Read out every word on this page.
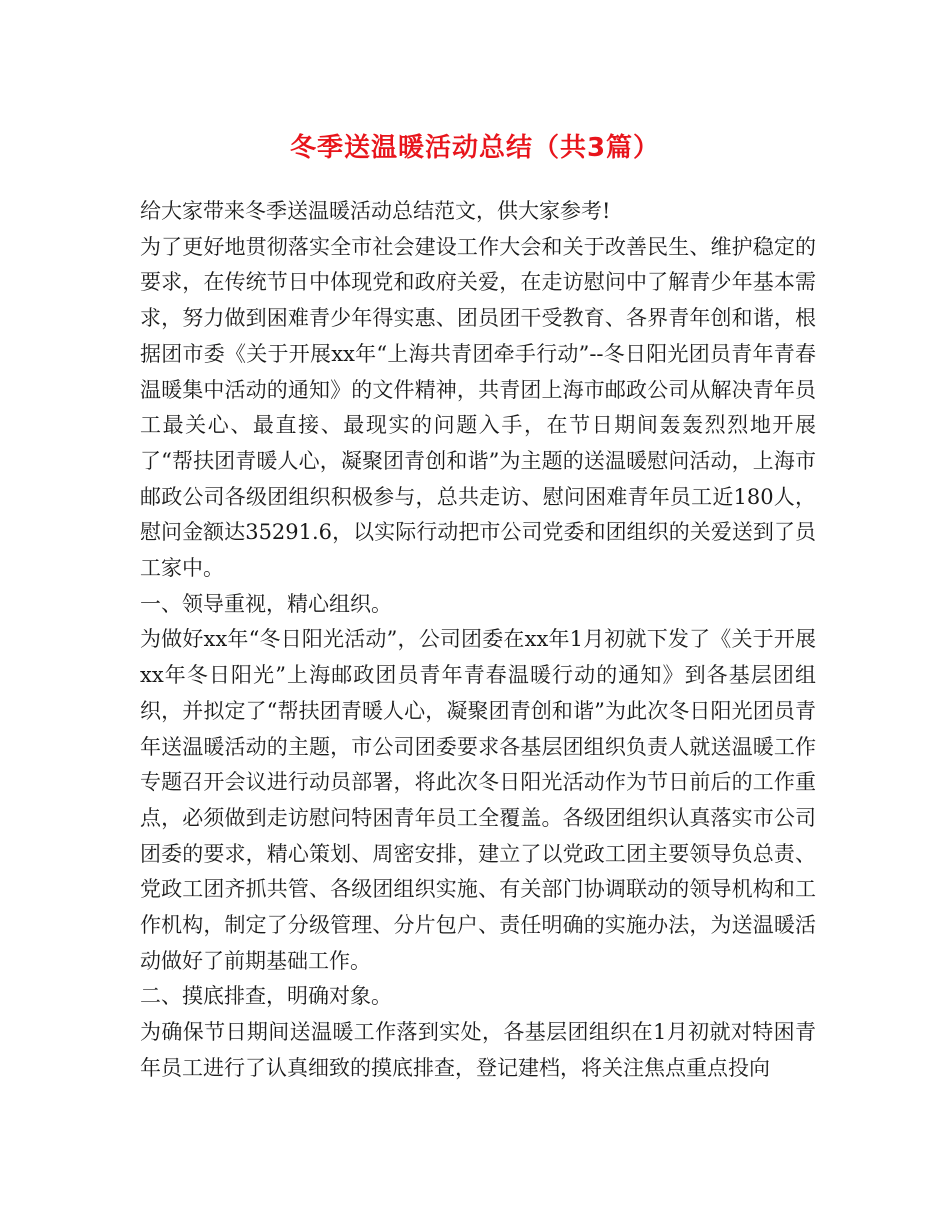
冬季送温暖活动总结（共3篇）

给大家带来冬季送温暖活动总结范文，供大家参考!

为了更好地贯彻落实全市社会建设工作大会和关于改善民生、维护稳定的要求，在传统节日中体现党和政府关爱，在走访慰问中了解青少年基本需求，努力做到困难青少年得实惠、团员团干受教育、各界青年创和谐，根据团市委《关于开展xx年“上海共青团牵手行动”--冬日阳光团员青年青春温暖集中活动的通知》的文件精神，共青团上海市邮政公司从解决青年员工最关心、最直接、最现实的问题入手，在节日期间轰轰烈烈地开展了“帮扶团青暖人心，凝聚团青创和谐”为主题的送温暖慰问活动，上海市邮政公司各级团组织积极参与，总共走访、慰问困难青年员工近180人，慰问金额达35291.6，以实际行动把市公司党委和团组织的关爱送到了员工家中。

一、领导重视，精心组织。

为做好xx年“冬日阳光活动”，公司团委在xx年1月初就下发了《关于开展xx年冬日阳光”上海邮政团员青年青春温暖行动的通知》到各基层团组织，并拟定了“帮扶团青暖人心，凝聚团青创和谐”为此次冬日阳光团员青年送温暖活动的主题，市公司团委要求各基层团组织负责人就送温暖工作专题召开会议进行动员部署，将此次冬日阳光活动作为节日前后的工作重点，必须做到走访慰问特困青年员工全覆盖。各级团组织认真落实市公司团委的要求，精心策划、周密安排，建立了以党政工团主要领导负总责、党政工团齐抓共管、各级团组织实施、有关部门协调联动的领导机构和工作机构，制定了分级管理、分片包户、责任明确的实施办法，为送温暖活动做好了前期基础工作。

二、摸底排查，明确对象。

为确保节日期间送温暖工作落到实处，各基层团组织在1月初就对特困青年员工进行了认真细致的摸底排查，登记建档，将关注焦点重点投向
